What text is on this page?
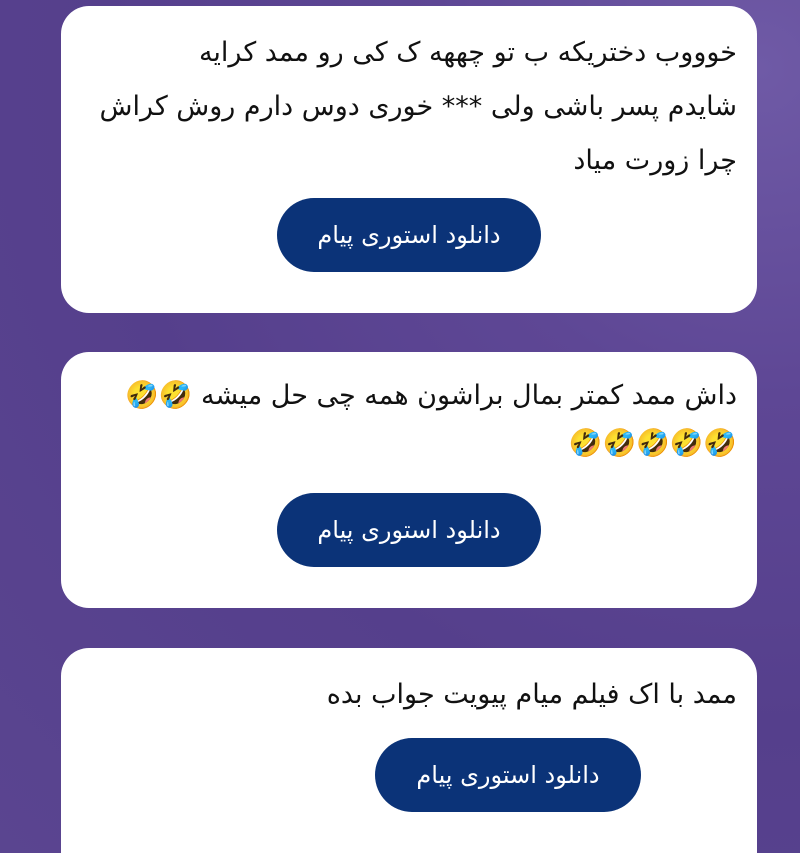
خوووب دختریکه ب تو چههه ک کی رو ممد کرایه
شایدم پسر باشی ولی *** خوری دوس دارم روش کراش
چرا زورت میاد
دانلود استوری پیام
داش ممد کمتر بمال براشون همه چی حل میشه 🤣🤣
🤣🤣🤣🤣🤣
دانلود استوری پیام
ممد با اک فیلم میام پیویت جواب بده
دانلود استوری پیام
